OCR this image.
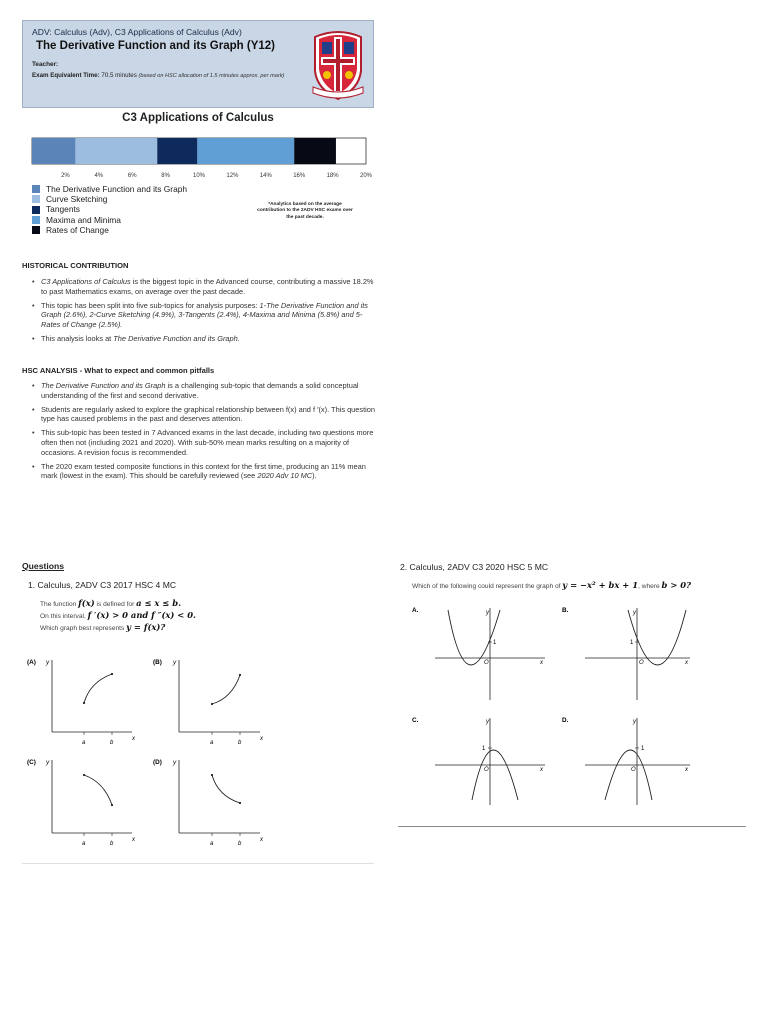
ADV: Calculus (Adv), C3 Applications of Calculus (Adv)
The Derivative Function and its Graph (Y12)
Teacher:
Exam Equivalent Time: 70.5 minutes (based on HSC allocation of 1.5 minutes approx. per mark)
C3 Applications of Calculus
2%	4%	6%	8%	10%	12%	14%	16%	18%	20%
The Derivative Function and its Graph
Curve Sketching
Tangents
Maxima and Minima
Rates of Change
*Analytics based on the average contribution to the 2ADV HSC exams over the past decade.
HISTORICAL CONTRIBUTION
• C3 Applications of Calculus is the biggest topic in the Advanced course, contributing a massive 18.2% to past Mathematics exams, on average over the past decade.
• This topic has been split into five sub-topics for analysis purposes: 1-The Derivative Function and its Graph (2.6%), 2-Curve Sketching (4.9%), 3-Tangents (2.4%), 4-Maxima and Minima (5.8%) and 5-Rates of Change (2.5%).
• This analysis looks at The Derivative Function and its Graph.
HSC ANALYSIS - What to expect and common pitfalls
• The Derivative Function and its Graph is a challenging sub-topic that demands a solid conceptual understanding of the first and second derivative.
• Students are regularly asked to explore the graphical relationship between f(x) and f ′(x). This question type has caused problems in the past and deserves attention.
• This sub-topic has been tested in 7 Advanced exams in the last decade, including two questions more often then not (including 2021 and 2020). With sub-50% mean marks resulting on a majority of occasions. A revision focus is recommended.
• The 2020 exam tested composite functions in this context for the first time, producing an 11% mean mark (lowest in the exam). This should be carefully reviewed (see 2020 Adv 10 MC).
Questions
1. Calculus, 2ADV C3 2017 HSC 4 MC
The function f(x) is defined for a ≤ x ≤ b.
On this interval, f ′(x) > 0 and f ″(x) < 0.
Which graph best represents y = f(x)?
(A) y
x
a	b
(B) y
x
a	b
(C) y
x
a	b
(D) y
x
a	b
2. Calculus, 2ADV C3 2020 HSC 5 MC
Which of the following could represent the graph of y = −x² + bx + 1, where b > 0?
A.	y
x
O
1
B.	y
x
O
1
C.	y
x
O
1
D.	y
x
O
1
